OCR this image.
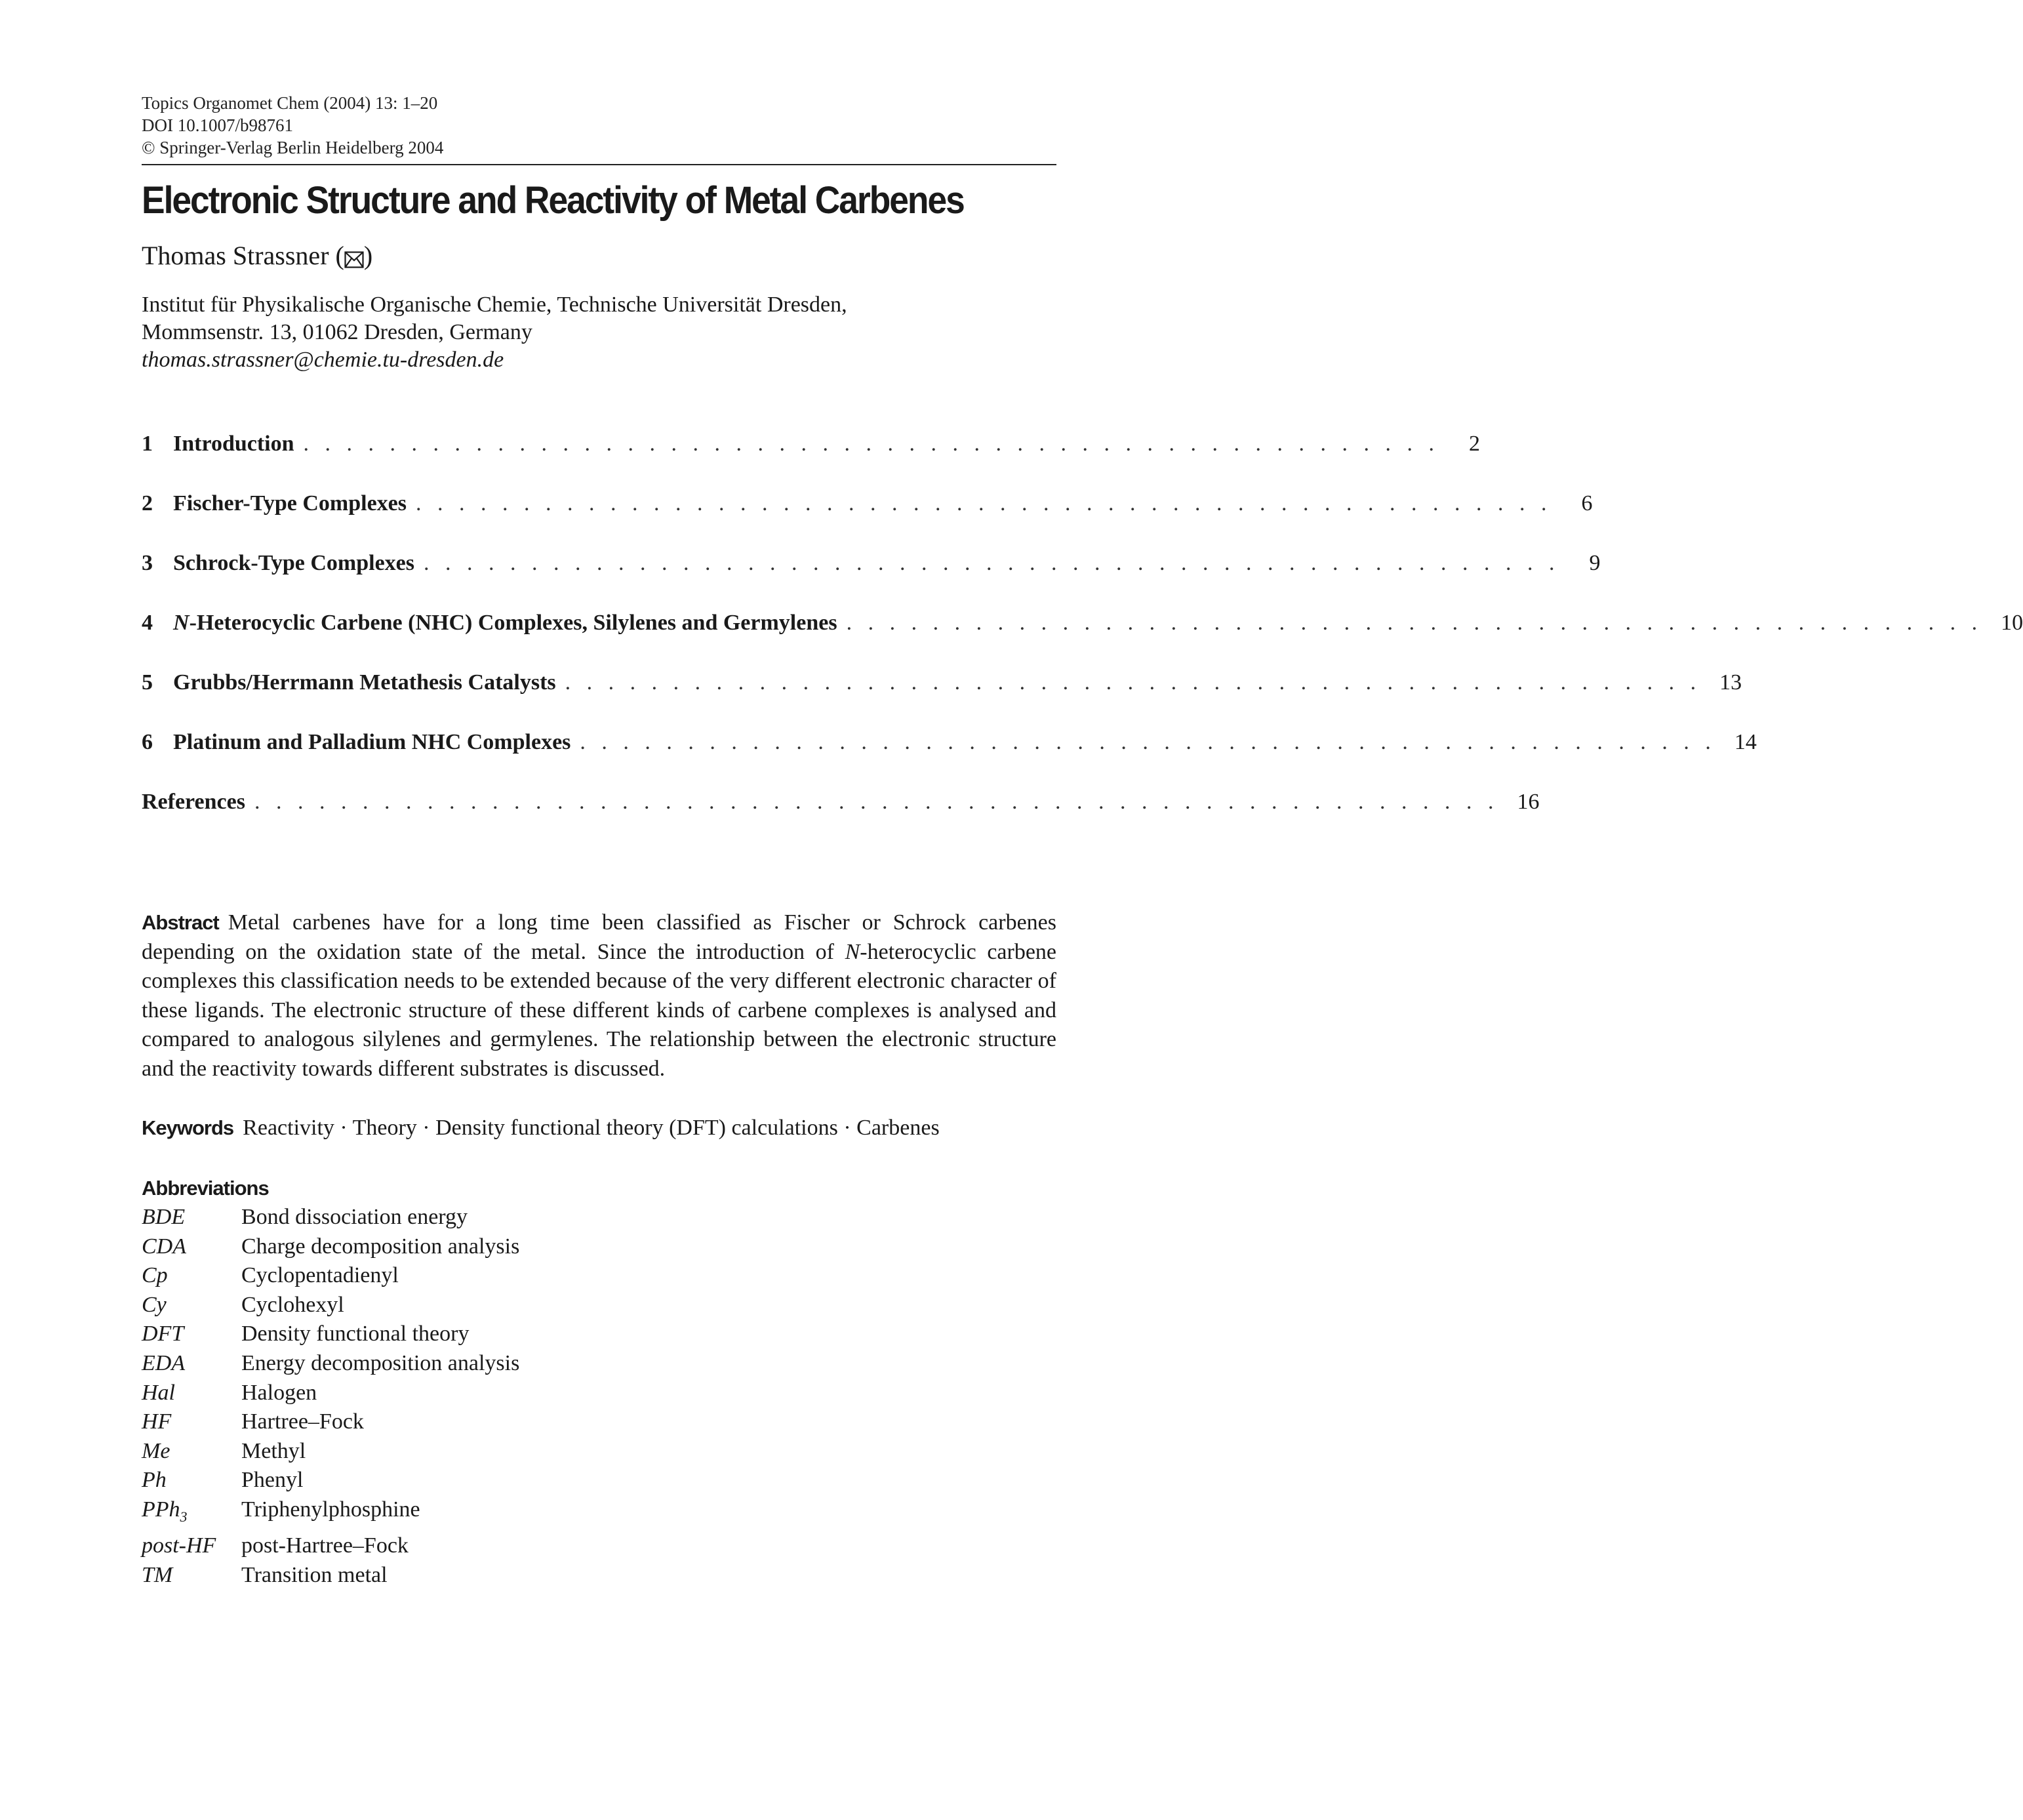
Topics Organomet Chem (2004) 13: 1–20
DOI 10.1007/b98761
© Springer-Verlag Berlin Heidelberg 2004
Electronic Structure and Reactivity of Metal Carbenes
Thomas Strassner ( )
Institut für Physikalische Organische Chemie, Technische Universität Dresden,
Mommsenstr. 13, 01062 Dresden, Germany
thomas.strassner@chemie.tu-dresden.de
1 Introduction . . . . . . . . . . . . . . . . . . . . . . . . . . . . . . . . . . . . . . . . . . . . . . . . . . . . .	2
2 Fischer-Type Complexes . . . . . . . . . . . . . . . . . . . . . . . . . . . . . . . . . . . . . . . . . . . . . . . . . . . . .	6
3 Schrock-Type Complexes . . . . . . . . . . . . . . . . . . . . . . . . . . . . . . . . . . . . . . . . . . . . . . . . . . . . .	9
4 N-Heterocyclic Carbene (NHC) Complexes, Silylenes and Germylenes . . . . . . . . . . . . . . . . . . . . . . . . . . . . . . . . . . . . . . . . . . . . . . . . . . . . . 10
5 Grubbs/Herrmann Metathesis Catalysts . . . . . . . . . . . . . . . . . . . . . . . . . . . . . . . . . . . . . . . . . . . . . . . . . . . . . 13
6 Platinum and Palladium NHC Complexes . . . . . . . . . . . . . . . . . . . . . . . . . . . . . . . . . . . . . . . . . . . . . . . . . . . . . 14
References . . . . . . . . . . . . . . . . . . . . . . . . . . . . . . . . . . . . . . . . . . . . . . . . . . . . . . . . . . 16
Abstract Metal carbenes have for a long time been classified as Fischer or Schrock carbenes depending on the oxidation state of the metal. Since the introduction of N-heterocyclic carbene complexes this classification needs to be extended because of the very different electronic character of these ligands. The electronic structure of these different kinds of carbene complexes is analysed and compared to analogous silylenes and germylenes. The relationship between the electronic structure and the reactivity towards different substrates is discussed.
Keywords Reactivity · Theory · Density functional theory (DFT) calculations · Carbenes
Abbreviations
BDE	Bond dissociation energy
CDA	Charge decomposition analysis
Cp	Cyclopentadienyl
Cy	Cyclohexyl
DFT	Density functional theory
EDA	Energy decomposition analysis
Hal	Halogen
HF	Hartree–Fock
Me	Methyl
Ph	Phenyl
PPh$_3$	Triphenylphosphine
post-HF	post-Hartree–Fock
TM	Transition metal
